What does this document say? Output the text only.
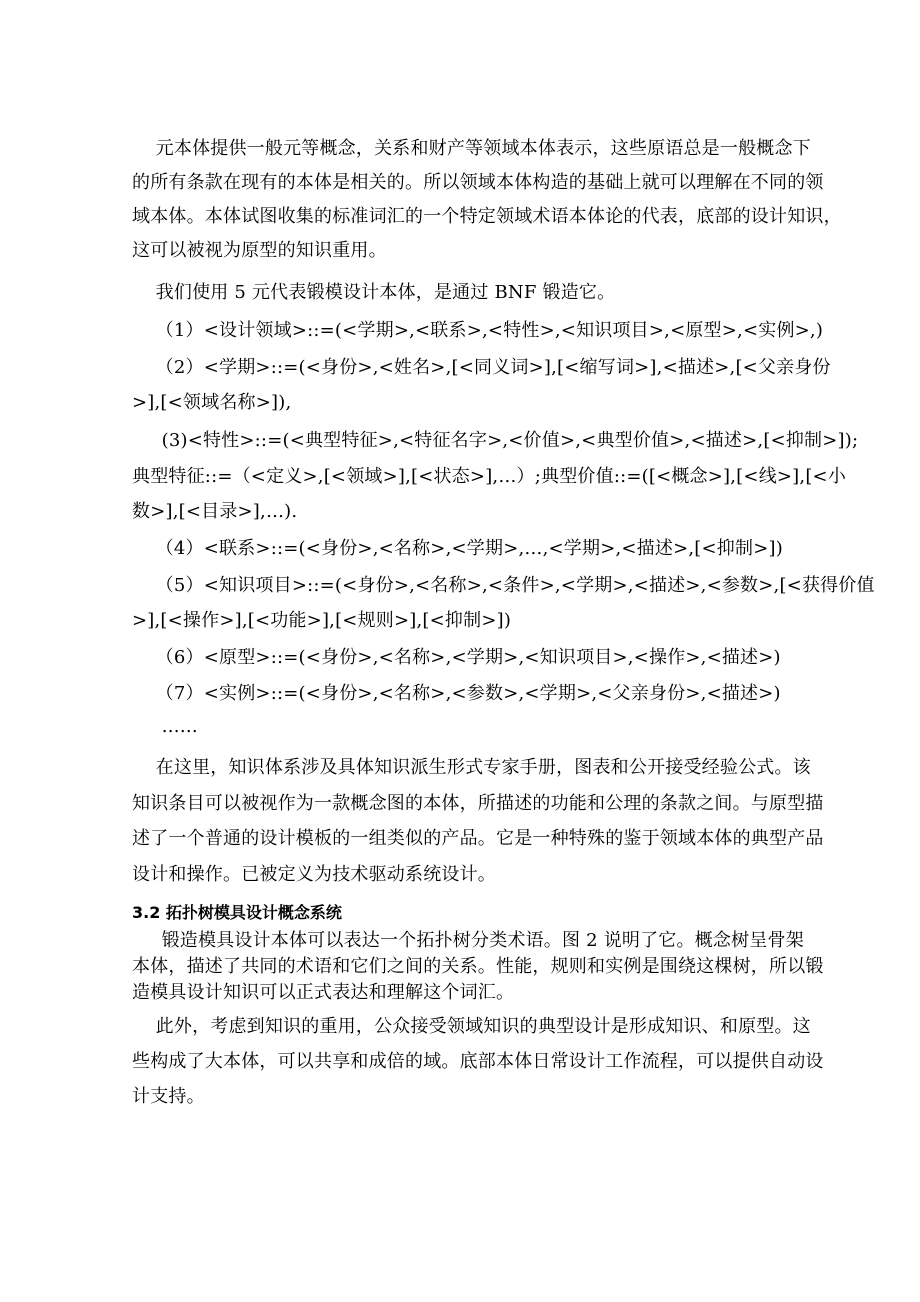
元本体提供一般元等概念，关系和财产等领域本体表示，这些原语总是一般概念下
的所有条款在现有的本体是相关的。所以领域本体构造的基础上就可以理解在不同的领
域本体。本体试图收集的标准词汇的一个特定领域术语本体论的代表，底部的设计知识，
这可以被视为原型的知识重用。
我们使用 5 元代表锻模设计本体，是通过 BNF 锻造它。
（1）<设计领域>::=(<学期>,<联系>,<特性>,<知识项目>,<原型>,<实例>,)
（2）<学期>::=(<身份>,<姓名>,[<同义词>],[<缩写词>],<描述>,[<父亲身份
>],[<领域名称>]),
(3)<特性>::=(<典型特征>,<特征名字>,<价值>,<典型价值>,<描述>,[<抑制>]);
典型特征::=（<定义>,[<领域>],[<状态>],…）;典型价值::=([<概念>],[<线>],[<小
数>],[<目录>],…).
（4）<联系>::=(<身份>,<名称>,<学期>,…,<学期>,<描述>,[<抑制>])
（5）<知识项目>::=(<身份>,<名称>,<条件>,<学期>,<描述>,<参数>,[<获得价值
>],[<操作>],[<功能>],[<规则>],[<抑制>])
（6）<原型>::=(<身份>,<名称>,<学期>,<知识项目>,<操作>,<描述>)
（7）<实例>::=(<身份>,<名称>,<参数>,<学期>,<父亲身份>,<描述>)
……
在这里，知识体系涉及具体知识派生形式专家手册，图表和公开接受经验公式。该
知识条目可以被视作为一款概念图的本体，所描述的功能和公理的条款之间。与原型描
述了一个普通的设计模板的一组类似的产品。它是一种特殊的鉴于领域本体的典型产品
设计和操作。已被定义为技术驱动系统设计。
3.2 拓扑树模具设计概念系统
锻造模具设计本体可以表达一个拓扑树分类术语。图 2 说明了它。概念树呈骨架
本体，描述了共同的术语和它们之间的关系。性能，规则和实例是围绕这棵树，所以锻
造模具设计知识可以正式表达和理解这个词汇。
此外，考虑到知识的重用，公众接受领域知识的典型设计是形成知识、和原型。这
些构成了大本体，可以共享和成倍的域。底部本体日常设计工作流程，可以提供自动设
计支持。
